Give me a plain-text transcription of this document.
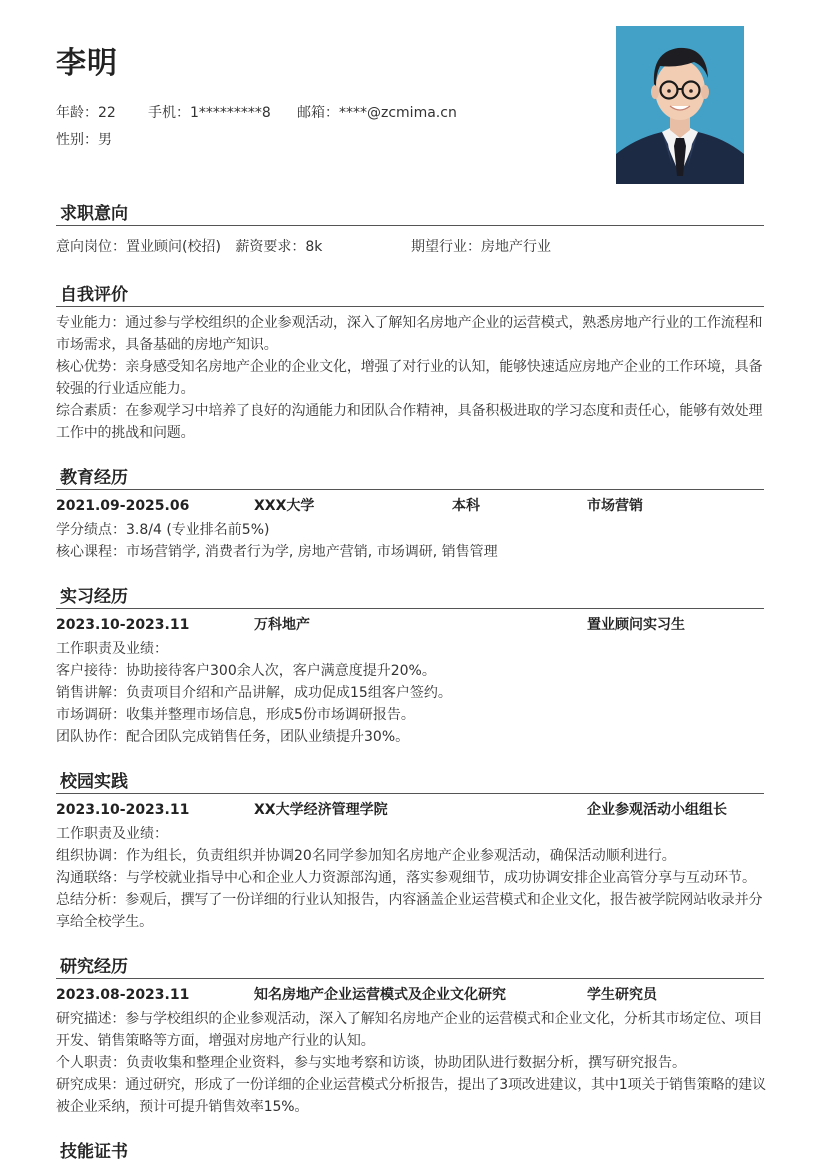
李明
年龄：22 手机：1*********8 邮箱：****@zcmima.cn
性别：男
求职意向
意向岗位：置业顾问(校招) 薪资要求：8k	期望行业：房地产行业
自我评价
专业能力：通过参与学校组织的企业参观活动，深入了解知名房地产企业的运营模式，熟悉房地产行业的工作流程和市场需求，具备基础的房地产知识。
核心优势：亲身感受知名房地产企业的企业文化，增强了对行业的认知，能够快速适应房地产企业的工作环境，具备较强的行业适应能力。
综合素质：在参观学习中培养了良好的沟通能力和团队合作精神，具备积极进取的学习态度和责任心，能够有效处理工作中的挑战和问题。
教育经历
2021.09-2025.06	XXX大学	本科	市场营销
学分绩点：3.8/4 (专业排名前5%)
核心课程：市场营销学, 消费者行为学, 房地产营销, 市场调研, 销售管理
实习经历
2023.10-2023.11	万科地产	置业顾问实习生
工作职责及业绩：
客户接待：协助接待客户300余人次，客户满意度提升20%。
销售讲解：负责项目介绍和产品讲解，成功促成15组客户签约。
市场调研：收集并整理市场信息，形成5份市场调研报告。
团队协作：配合团队完成销售任务，团队业绩提升30%。
校园实践
2023.10-2023.11	XX大学经济管理学院	企业参观活动小组组长
工作职责及业绩：
组织协调：作为组长，负责组织并协调20名同学参加知名房地产企业参观活动，确保活动顺利进行。
沟通联络：与学校就业指导中心和企业人力资源部沟通，落实参观细节，成功协调安排企业高管分享与互动环节。
总结分析：参观后，撰写了一份详细的行业认知报告，内容涵盖企业运营模式和企业文化，报告被学院网站收录并分享给全校学生。
研究经历
2023.08-2023.11	知名房地产企业运营模式及企业文化研究	学生研究员
研究描述：参与学校组织的企业参观活动，深入了解知名房地产企业的运营模式和企业文化，分析其市场定位、项目开发、销售策略等方面，增强对房地产行业的认知。
个人职责：负责收集和整理企业资料，参与实地考察和访谈，协助团队进行数据分析，撰写研究报告。
研究成果：通过研究，形成了一份详细的企业运营模式分析报告，提出了3项改进建议，其中1项关于销售策略的建议被企业采纳，预计可提升销售效率15%。
技能证书
